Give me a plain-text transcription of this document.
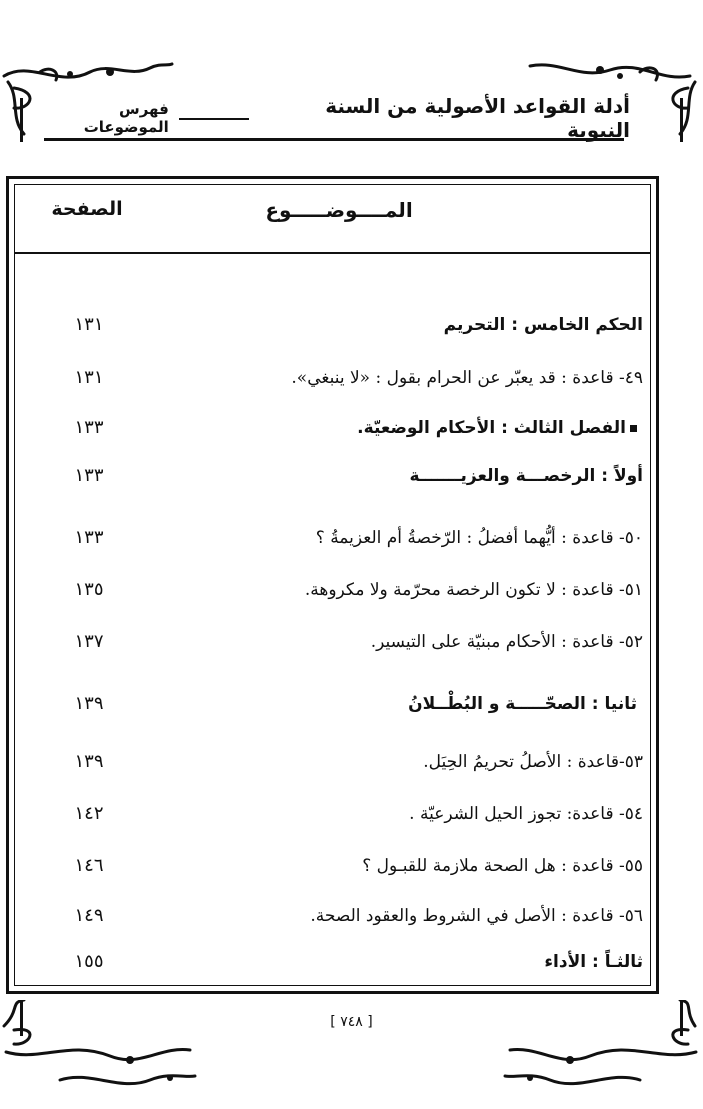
أدلة القواعد الأصولية من السنة النبوية
فهرس الموضوعات
المــــوضـــــوع
الصفحة
الحكم الخامس : التحريم
١٣١
٤٩- قاعدة : قد يعبّر عن الحرام بقول : «لا ينبغي».
١٣١
الفصل الثالث : الأحكام الوضعيّة.
١٣٣
أولاً : الرخصـــة والعزيـــــــة
١٣٣
٥٠- قاعدة : أيُّهما أفضلُ : الرّخصةُ أم العزيمةُ ؟
١٣٣
٥١- قاعدة : لا تكون الرخصة محرّمة ولا مكروهة.
١٣٥
٥٢- قاعدة : الأحكام مبنيّة على التيسير.
١٣٧
ثانيا : الصحّـــــة و البُطْــلانُ
١٣٩
٥٣-قاعدة : الأصلُ تحريمُ الحِيَل.
١٣٩
٥٤- قاعدة: تجوز الحيل الشرعيّة .
١٤٢
٥٥- قاعدة : هل الصحة ملازمة للقبـول ؟
١٤٦
٥٦- قاعدة : الأصل في الشروط والعقود الصحة.
١٤٩
ثالثـاً : الأداء
١٥٥
[ ٧٤٨ ]
